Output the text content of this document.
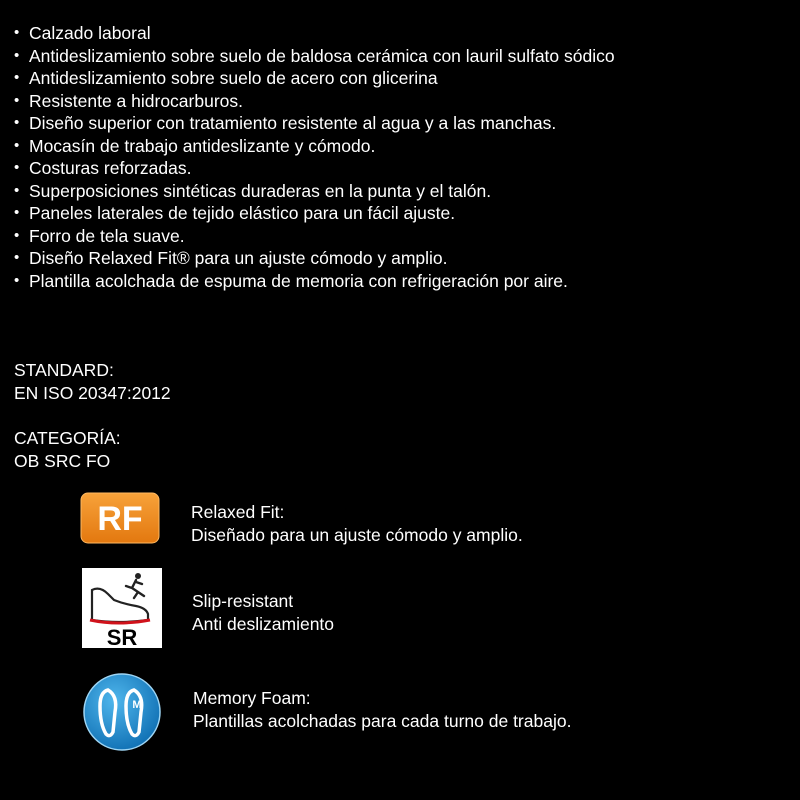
• Calzado laboral
• Antideslizamiento sobre suelo de baldosa cerámica con lauril sulfato sódico
• Antideslizamiento sobre suelo de acero con glicerina
• Resistente a hidrocarburos.
• Diseño superior con tratamiento resistente al agua y a las manchas.
• Mocasín de trabajo antideslizante y cómodo.
• Costuras reforzadas.
• Superposiciones sintéticas duraderas en la punta y el talón.
• Paneles laterales de tejido elástico para un fácil ajuste.
• Forro de tela suave.
• Diseño Relaxed Fit® para un ajuste cómodo y amplio.
• Plantilla acolchada de espuma de memoria con refrigeración por aire.
STANDARD:
EN ISO 20347:2012
CATEGORÍA:
OB SRC FO
RF	Relaxed Fit:
Diseñado para un ajuste cómodo y amplio.
SR
Slip-resistant
Anti deslizamiento
M	Memory Foam:
Plantillas acolchadas para cada turno de trabajo.
